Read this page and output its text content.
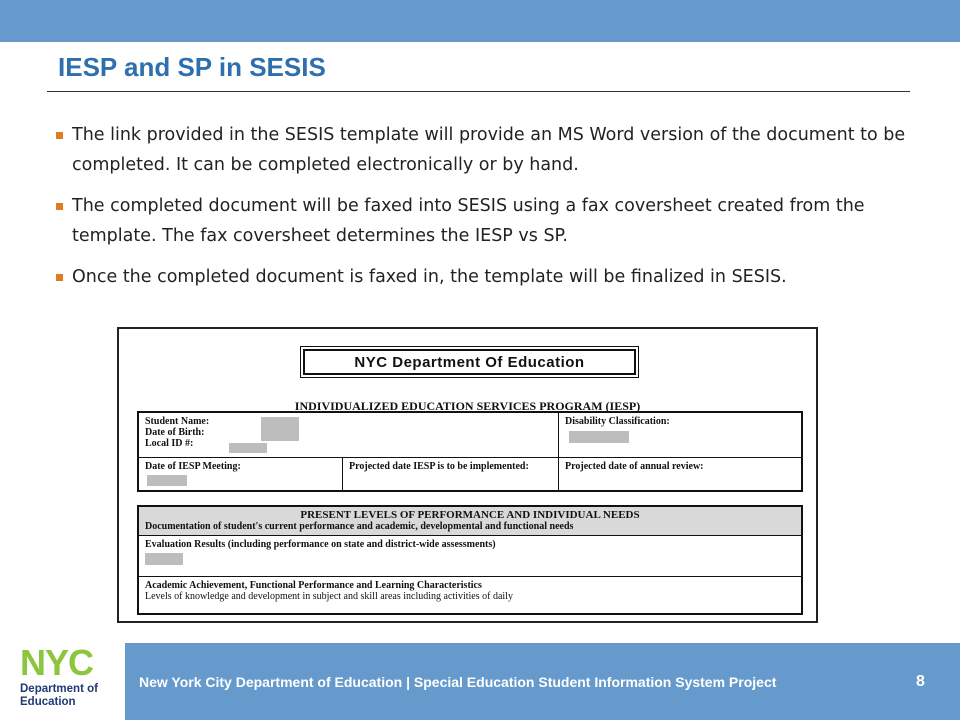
IESP and SP in SESIS
The link provided in the SESIS template will provide an MS Word version of the document to be completed. It can be completed electronically or by hand.
The completed document will be faxed into SESIS using a fax coversheet created from the template. The fax coversheet determines the IESP vs SP.
Once the completed document is faxed in, the template will be finalized in SESIS.
NYC Department Of Education
INDIVIDUALIZED EDUCATION SERVICES PROGRAM (IESP)
Student Name:
Date of Birth:
Local ID #:
Disability Classification:
Date of IESP Meeting:	Projected date IESP is to be implemented:	Projected date of annual review:
PRESENT LEVELS OF PERFORMANCE AND INDIVIDUAL NEEDS
Documentation of student's current performance and academic, developmental and functional needs
Evaluation Results (including performance on state and district-wide assessments)
Academic Achievement, Functional Performance and Learning Characteristics
Levels of knowledge and development in subject and skill areas including activities of daily
NYC
Department of Education
New York City Department of Education | Special Education Student Information System Project	8
